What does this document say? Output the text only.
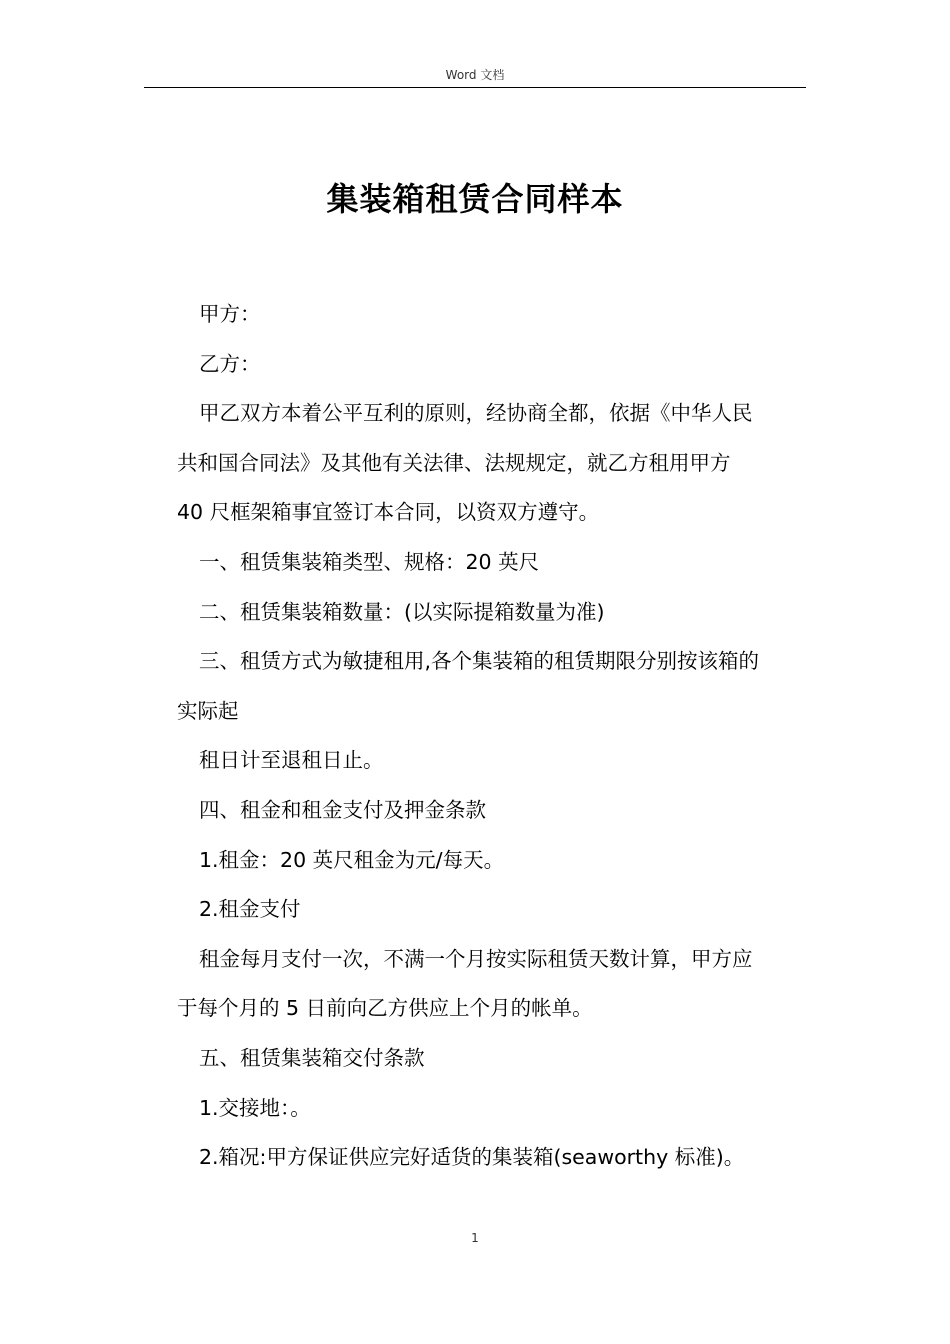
Word 文档
集装箱租赁合同样本

甲方：

乙方：

甲乙双方本着公平互利的原则，经协商全都，依据《中华人民

共和国合同法》及其他有关法律、法规规定，就乙方租用甲方

40 尺框架箱事宜签订本合同，以资双方遵守。

一、租赁集装箱类型、规格：20 英尺

二、租赁集装箱数量：(以实际提箱数量为准)

三、租赁方式为敏捷租用,各个集装箱的租赁期限分别按该箱的

实际起

租日计至退租日止。

四、租金和租金支付及押金条款

1.租金：20 英尺租金为元/每天。

2.租金支付

租金每月支付一次，不满一个月按实际租赁天数计算，甲方应

于每个月的 5 日前向乙方供应上个月的帐单。

五、租赁集装箱交付条款

1.交接地：。

2.箱况:甲方保证供应完好适货的集装箱(seaworthy 标准)。

1
